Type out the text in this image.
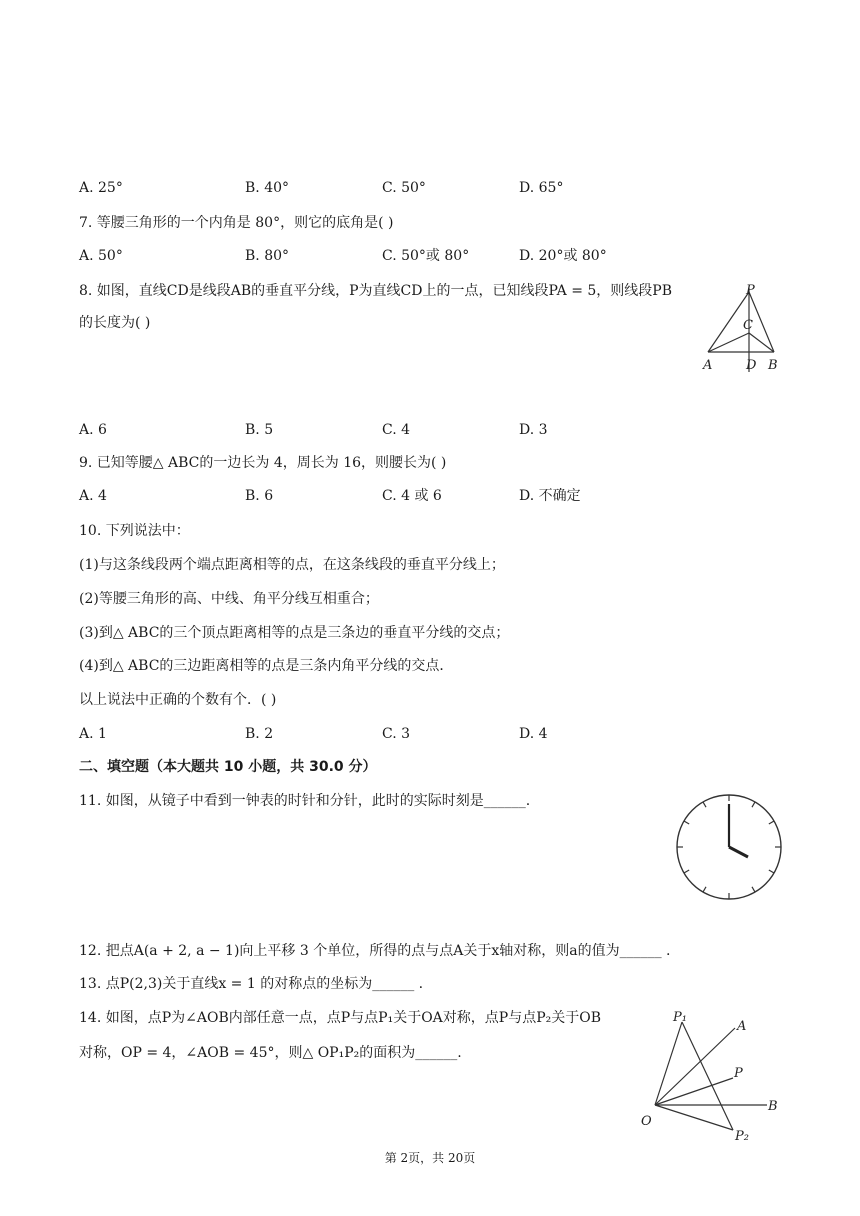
A. 25°	B. 40°	C. 50°	D. 65°
7. 等腰三角形的一个内角是 80°，则它的底角是( )
A. 50°	B. 80°	C. 50°或 80°	D. 20°或 80°
8. 如图，直线CD是线段AB的垂直平分线，P为直线CD上的一点，已知线段PA = 5，则线段PB
的长度为( )
P
C
A	D B
A. 6	B. 5	C. 4	D. 3
9. 已知等腰△ ABC的一边长为 4，周长为 16，则腰长为( )
A. 4	B. 6	C. 4 或 6	D. 不确定
10. 下列说法中：
(1)与这条线段两个端点距离相等的点，在这条线段的垂直平分线上；
(2)等腰三角形的高、中线、角平分线互相重合；
(3)到△ ABC的三个顶点距离相等的点是三条边的垂直平分线的交点；
(4)到△ ABC的三边距离相等的点是三条内角平分线的交点．
以上说法中正确的个数有个．( )
A. 1	B. 2	C. 3	D. 4
二、填空题（本大题共 10 小题，共 30.0 分）
11. 如图，从镜子中看到一钟表的时针和分针，此时的实际时刻是______.
12. 把点A(a + 2, a − 1)向上平移 3 个单位，所得的点与点A关于x轴对称，则a的值为______ .
13. 点P(2,3)关于直线x = 1 的对称点的坐标为______ .
14. 如图，点P为∠AOB内部任意一点，点P与点P₁关于OA对称，点P与点P₂关于OB
对称，OP = 4，∠AOB = 45°，则△ OP₁P₂的面积为______.
P₁
A
P
O
B
P₂
第 2页，共 20页
